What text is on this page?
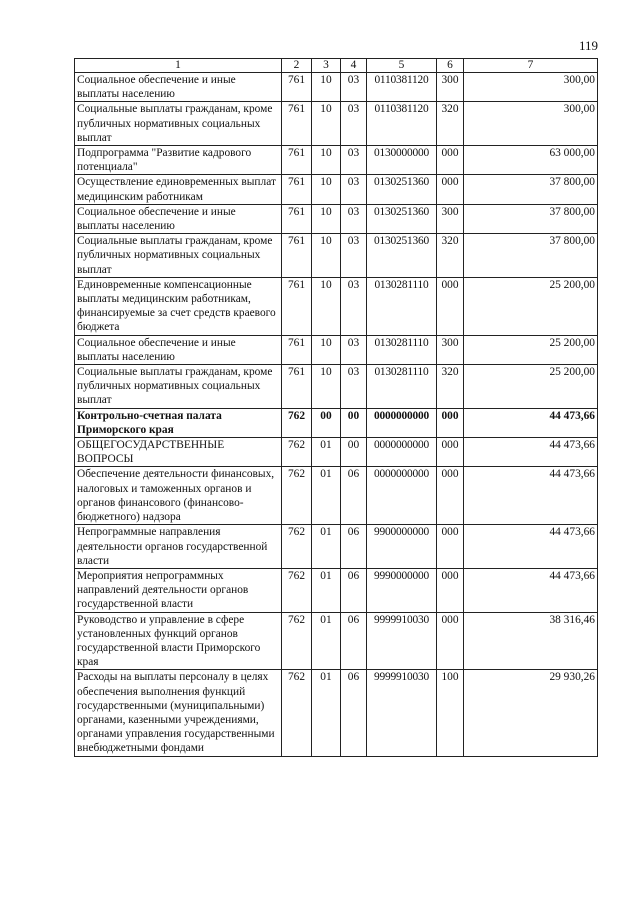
119
1	2	3	4	5	6	7
Социальное обеспечение и иные выплаты населению	761	10	03	0110381120	300	300,00
Социальные выплаты гражданам, кроме публичных нормативных социальных выплат	761	10	03	0110381120	320	300,00
Подпрограмма "Развитие кадрового потенциала"	761	10	03	0130000000	000	63 000,00
Осуществление единовременных выплат медицинским работникам	761	10	03	0130251360	000	37 800,00
Социальное обеспечение и иные выплаты населению	761	10	03	0130251360	300	37 800,00
Социальные выплаты гражданам, кроме публичных нормативных социальных выплат	761	10	03	0130251360	320	37 800,00
Единовременные компенсационные выплаты медицинским работникам, финансируемые за счет средств краевого бюджета	761	10	03	0130281110	000	25 200,00
Социальное обеспечение и иные выплаты населению	761	10	03	0130281110	300	25 200,00
Социальные выплаты гражданам, кроме публичных нормативных социальных выплат	761	10	03	0130281110	320	25 200,00
Контрольно-счетная палата Приморского края	762	00	00	0000000000	000	44 473,66
ОБЩЕГОСУДАРСТВЕННЫЕ ВОПРОСЫ	762	01	00	0000000000	000	44 473,66
Обеспечение деятельности финансовых, налоговых и таможенных органов и органов финансового (финансово-бюджетного) надзора	762	01	06	0000000000	000	44 473,66
Непрограммные направления деятельности органов государственной власти	762	01	06	9900000000	000	44 473,66
Мероприятия непрограммных направлений деятельности органов государственной власти	762	01	06	9990000000	000	44 473,66
Руководство и управление в сфере установленных функций органов государственной власти Приморского края	762	01	06	9999910030	000	38 316,46
Расходы на выплаты персоналу в целях обеспечения выполнения функций государственными (муниципальными) органами, казенными учреждениями, органами управления государственными внебюджетными фондами	762	01	06	9999910030	100	29 930,26
